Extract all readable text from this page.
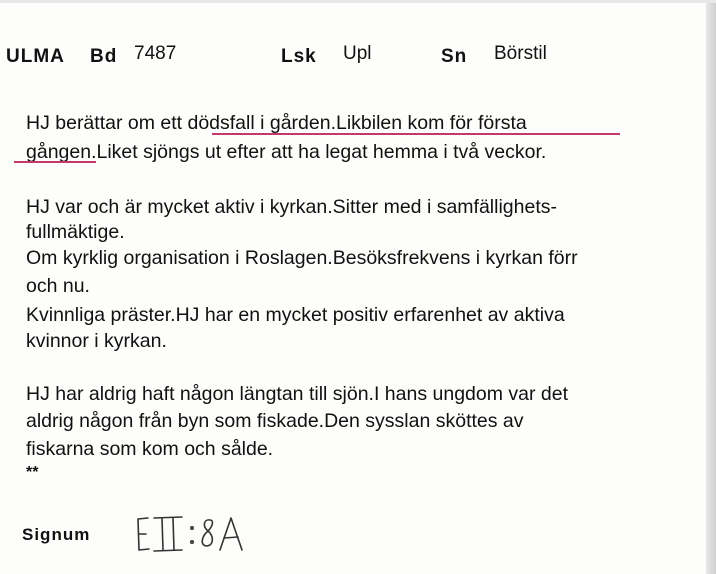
ULMA Bd 7487	Lsk Upl	Sn Börstil
HJ berättar om ett dödsfall i gården.Likbilen kom för första
gången.Liket sjöngs ut efter att ha legat hemma i två veckor.
HJ var och är mycket aktiv i kyrkan.Sitter med i samfällighets-
fullmäktige.
Om kyrklig organisation i Roslagen.Besöksfrekvens i kyrkan förr
och nu.
Kvinnliga präster.HJ har en mycket positiv erfarenhet av aktiva
kvinnor i kyrkan.
HJ har aldrig haft någon längtan till sjön.I hans ungdom var det
aldrig någon från byn som fiskade.Den sysslan sköttes av
fiskarna som kom och sålde.
**
Signum
